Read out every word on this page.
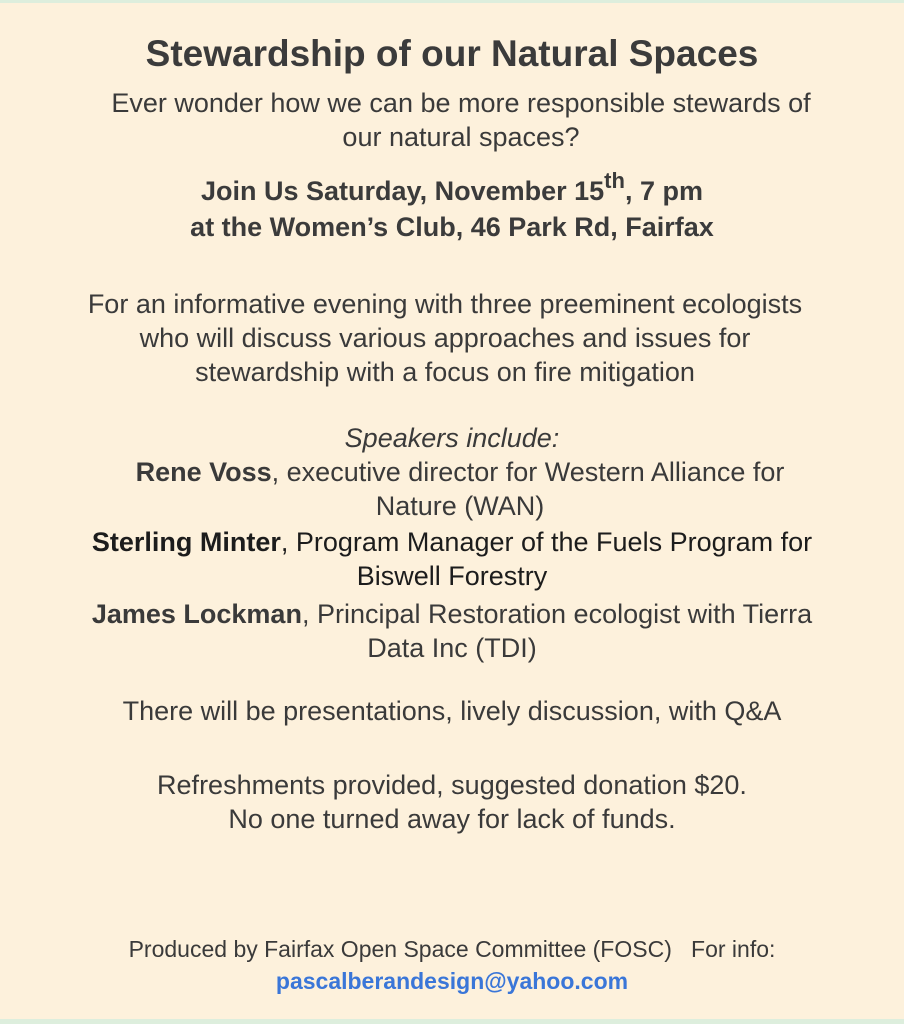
Stewardship of our Natural Spaces

Ever wonder how we can be more responsible stewards of
our natural spaces?

Join Us Saturday, November 15th, 7 pm
at the Women’s Club, 46 Park Rd, Fairfax

For an informative evening with three preeminent ecologists
who will discuss various approaches and issues for
stewardship with a focus on fire mitigation

Speakers include:

Rene Voss, executive director for Western Alliance for
Nature (WAN)

Sterling Minter, Program Manager of the Fuels Program for
Biswell Forestry

James Lockman, Principal Restoration ecologist with Tierra
Data Inc (TDI)

There will be presentations, lively discussion, with Q&A

Refreshments provided, suggested donation $20.
No one turned away for lack of funds.

Produced by Fairfax Open Space Committee (FOSC)   For info:
pascalberandesign@yahoo.com
